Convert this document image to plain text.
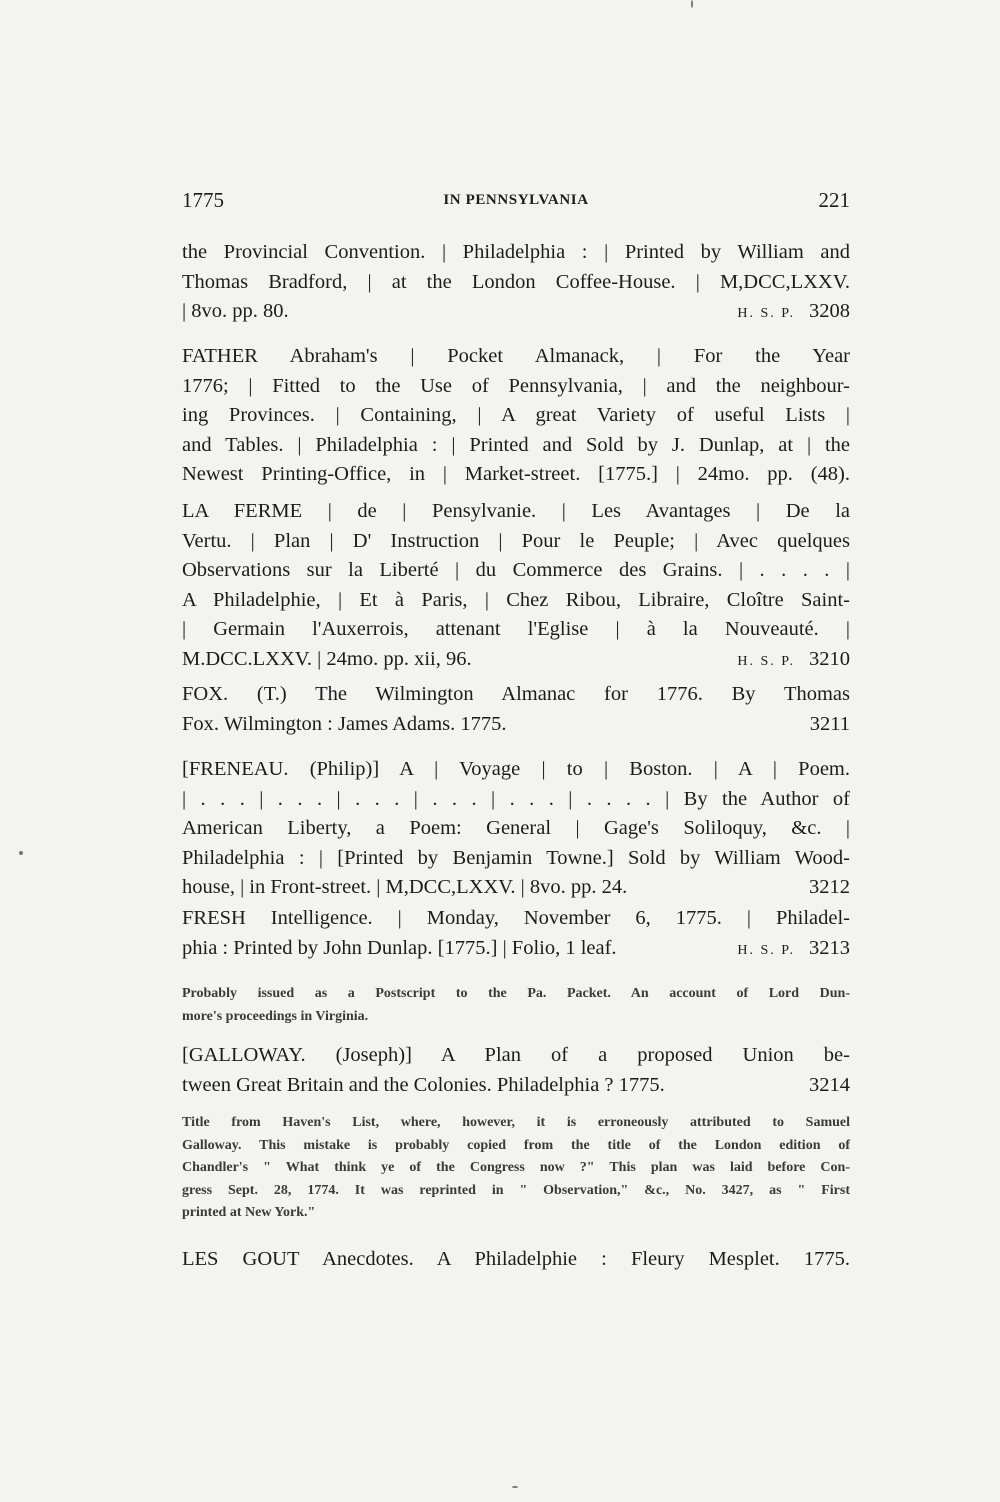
1775	IN PENNSYLVANIA	221
the Provincial Convention. | Philadelphia : | Printed by William and
Thomas Bradford, | at the London Coffee-House. | M,DCC,LXXV.
| 8vo. pp. 80.	H. S. P. 3208
FATHER Abraham's | Pocket Almanack, | For the Year
1776; | Fitted to the Use of Pennsylvania, | and the neighbour-
ing Provinces. | Containing, | A great Variety of useful Lists |
and Tables. | Philadelphia : | Printed and Sold by J. Dunlap, at | the
Newest Printing-Office, in | Market-street. [1775.] | 24mo. pp. (48).
LA FERME | de | Pensylvanie. | Les Avantages | De la
Vertu. | Plan | D' Instruction | Pour le Peuple; | Avec quelques
Observations sur la Liberté | du Commerce des Grains. | . . . . |
A Philadelphie, | Et à Paris, | Chez Ribou, Libraire, Cloître Saint-
| Germain l'Auxerrois, attenant l'Eglise | à la Nouveauté. |
M.DCC.LXXV. | 24mo. pp. xii, 96.	H. S. P. 3210
FOX. (T.) The Wilmington Almanac for 1776. By Thomas
Fox. Wilmington : James Adams. 1775.	3211
[FRENEAU. (Philip)] A | Voyage | to | Boston. | A | Poem.
| . . . | . . . | . . . | . . . | . . . | . . . . | By the Author of
American Liberty, a Poem: General | Gage's Soliloquy, &c. |
Philadelphia : | [Printed by Benjamin Towne.] Sold by William Wood-
house, | in Front-street. | M,DCC,LXXV. | 8vo. pp. 24.	3212
FRESH Intelligence. | Monday, November 6, 1775. | Philadel-
phia : Printed by John Dunlap. [1775.] | Folio, 1 leaf.	H. S. P. 3213
Probably issued as a Postscript to the Pa. Packet. An account of Lord Dun-
more's proceedings in Virginia.
[GALLOWAY. (Joseph)] A Plan of a proposed Union be-
tween Great Britain and the Colonies. Philadelphia ? 1775.	3214
Title from Haven's List, where, however, it is erroneously attributed to Samuel
Galloway. This mistake is probably copied from the title of the London edition of
Chandler's " What think ye of the Congress now ?" This plan was laid before Con-
gress Sept. 28, 1774. It was reprinted in " Observation," &c., No. 3427, as " First
printed at New York."
LES GOUT Anecdotes. A Philadelphie : Fleury Mesplet. 1775.
